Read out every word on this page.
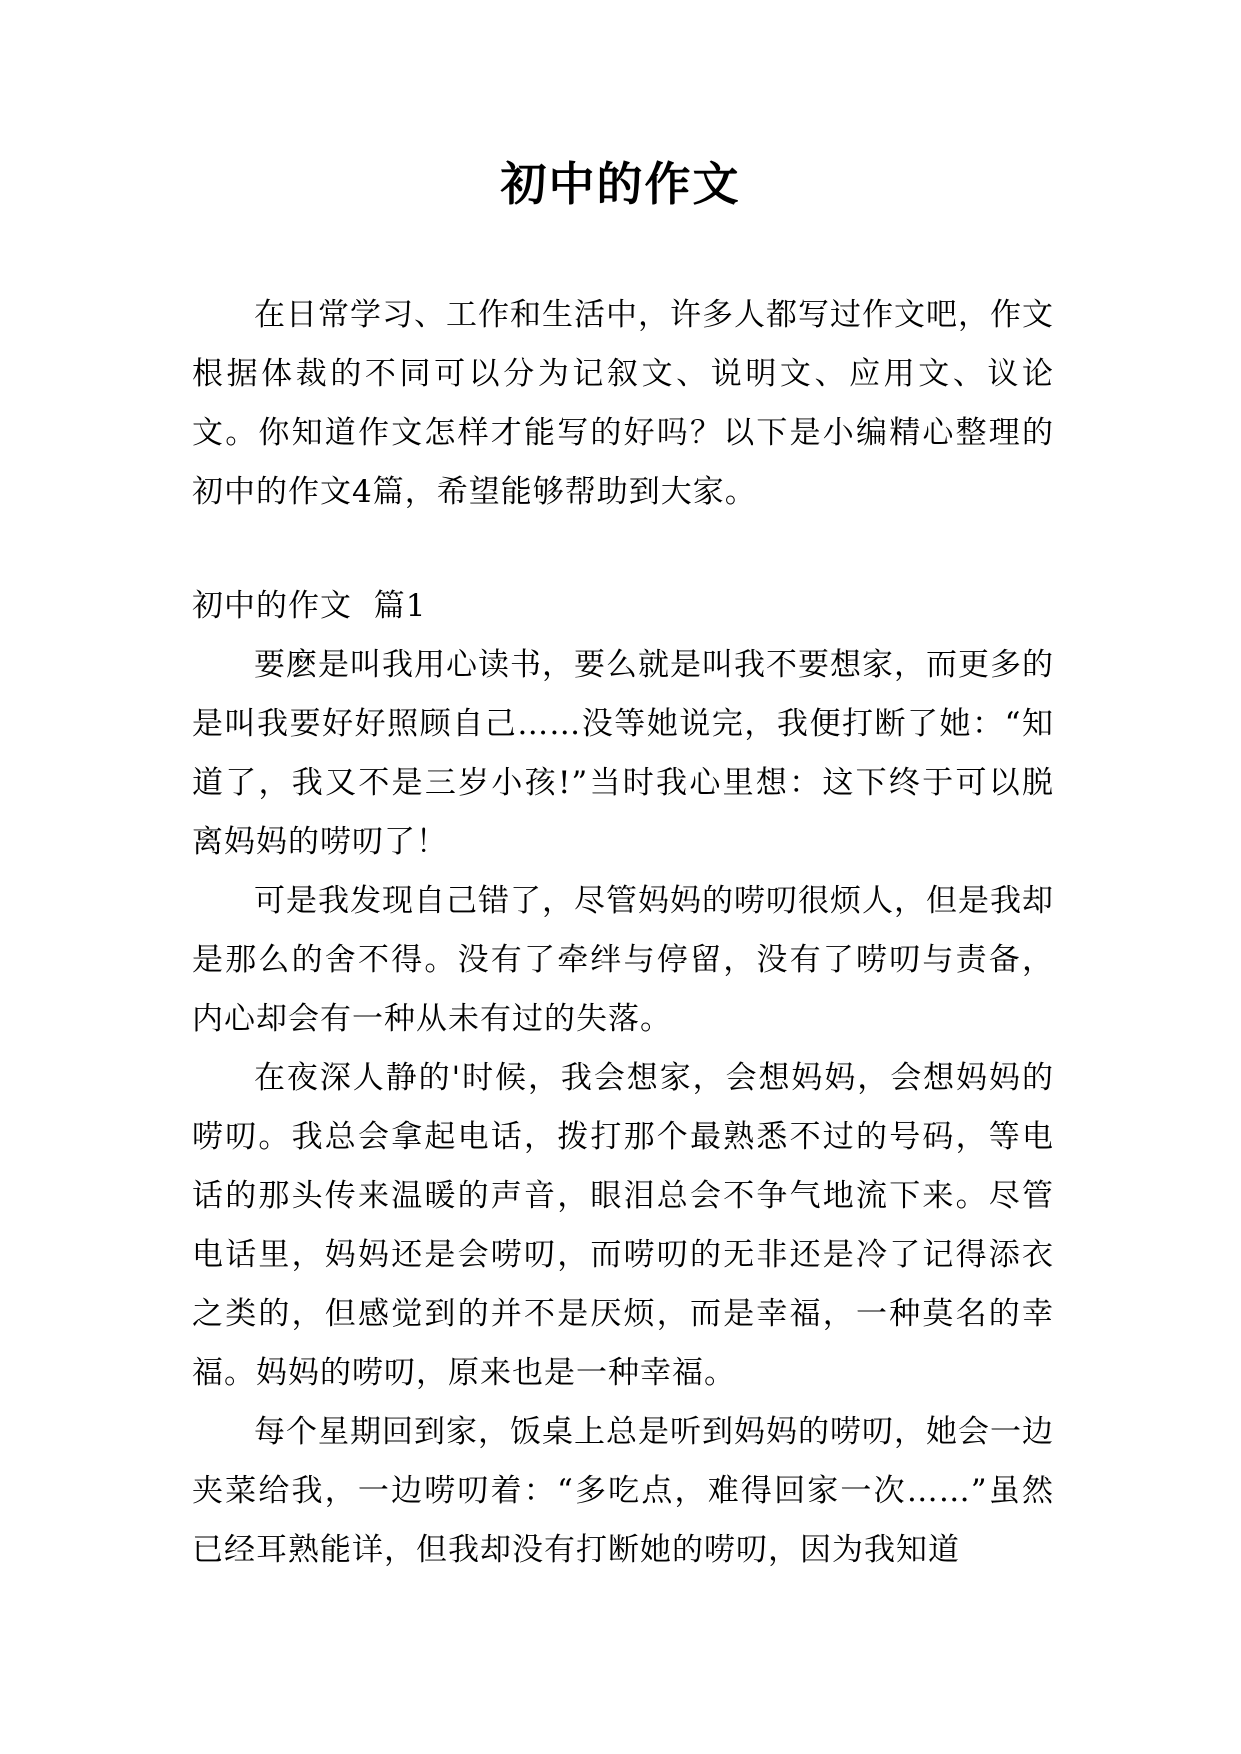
初中的作文

在日常学习、工作和生活中，许多人都写过作文吧，作文根据体裁的不同可以分为记叙文、说明文、应用文、议论文。你知道作文怎样才能写的好吗？以下是小编精心整理的初中的作文4篇，希望能够帮助到大家。

初中的作文  篇1

要麽是叫我用心读书，要么就是叫我不要想家，而更多的是叫我要好好照顾自己……没等她说完，我便打断了她：“知道了，我又不是三岁小孩!”当时我心里想：这下终于可以脱离妈妈的唠叨了！

可是我发现自己错了，尽管妈妈的唠叨很烦人，但是我却是那么的舍不得。没有了牵绊与停留，没有了唠叨与责备，内心却会有一种从未有过的失落。

在夜深人静的'时候，我会想家，会想妈妈，会想妈妈的唠叨。我总会拿起电话，拨打那个最熟悉不过的号码，等电话的那头传来温暖的声音，眼泪总会不争气地流下来。尽管电话里，妈妈还是会唠叨，而唠叨的无非还是冷了记得添衣之类的，但感觉到的并不是厌烦，而是幸福，一种莫名的幸福。妈妈的唠叨，原来也是一种幸福。

每个星期回到家，饭桌上总是听到妈妈的唠叨，她会一边夹菜给我，一边唠叨着：“多吃点，难得回家一次……”虽然已经耳熟能详，但我却没有打断她的唠叨，因为我知道
